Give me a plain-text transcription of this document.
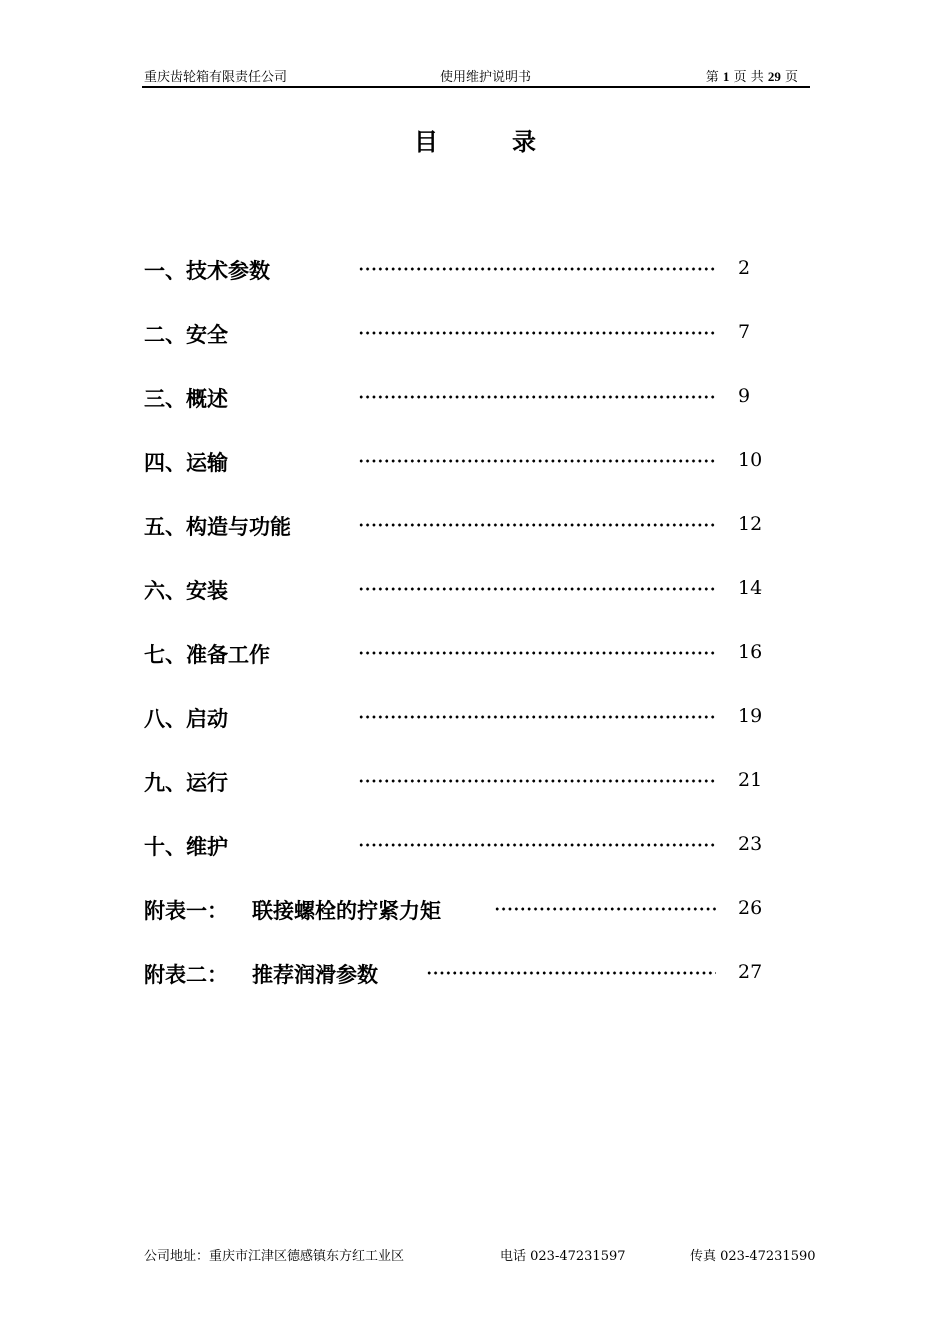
重庆齿轮箱有限责任公司	使用维护说明书	第 1 页 共 29 页
目	录
一、技术参数	2
二、安全	7
三、概述	9
四、运输	10
五、构造与功能	12
六、安装	14
七、准备工作	16
八、启动	19
九、运行	21
十、维护	23
附表一： 联接螺栓的拧紧力矩	26
附表二： 推荐润滑参数	27
公司地址：重庆市江津区德感镇东方红工业区	电话 023-47231597	传真 023-47231590
